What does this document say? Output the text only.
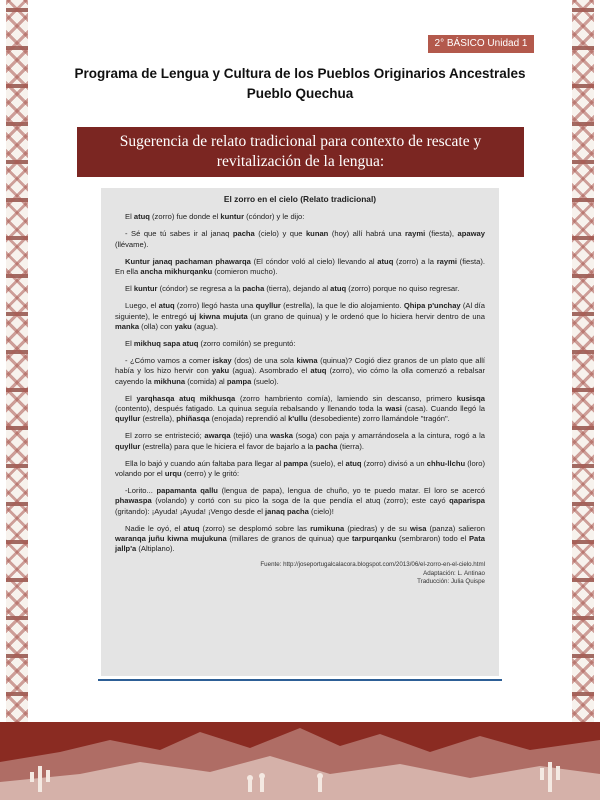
2° BÁSICO Unidad 1
Programa de Lengua y Cultura de los Pueblos Originarios Ancestrales
Pueblo Quechua
Sugerencia de relato tradicional para contexto de rescate y
revitalización de la lengua:
El zorro en el cielo (Relato tradicional)

El atuq (zorro) fue donde el kuntur (cóndor) y le dijo:

- Sé que tú sabes ir al janaq pacha (cielo) y que kunan (hoy) allí habrá una raymi (fiesta), apaway (llévame).

Kuntur janaq pachaman phawarqa (El cóndor voló al cielo) llevando al atuq (zorro) a la raymi (fiesta). En ella ancha mikhurqanku (comieron mucho).

El kuntur (cóndor) se regresa a la pacha (tierra), dejando al atuq (zorro) porque no quiso regresar.

Luego, el atuq (zorro) llegó hasta una quyllur (estrella), la que le dio alojamiento. Qhipa p'unchay (Al día siguiente), le entregó uj kiwna mujuta (un grano de quinua) y le ordenó que lo hiciera hervir dentro de una manka (olla) con yaku (agua).

El mikhuq sapa atuq (zorro comilón) se preguntó:

- ¿Cómo vamos a comer iskay (dos) de una sola kiwna (quinua)? Cogió diez granos de un plato que allí había y los hizo hervir con yaku (agua). Asombrado el atuq (zorro), vio cómo la olla comenzó a rebalsar cayendo la mikhuna (comida) al pampa (suelo).

El yarqhasqa atuq mikhusqa (zorro hambriento comía), lamiendo sin descanso, primero kusisqa (contento), después fatigado. La quinua seguía rebalsando y llenando toda la wasi (casa). Cuando llegó la quyllur (estrella), phiñasqa (enojada) reprendió al k'ullu (desobediente) zorro llamándole "tragón".

El zorro se entristeció; awarqa (tejió) una waska (soga) con paja y amarrándosela a la cintura, rogó a la quyllur (estrella) para que le hiciera el favor de bajarlo a la pacha (tierra).

Ella lo bajó y cuando aún faltaba para llegar al pampa (suelo), el atuq (zorro) divisó a un chhu-llchu (loro) volando por el urqu (cerro) y le gritó:

-Lorito... papamanta qallu (lengua de papa), lengua de chuño, yo te puedo matar. El loro se acercó phawaspa (volando) y cortó con su pico la soga de la que pendía el atuq (zorro); este cayó qaparispa (gritando): ¡Ayuda! ¡Ayuda! ¡Vengo desde el janaq pacha (cielo)!

Nadie le oyó, el atuq (zorro) se desplomó sobre las rumikuna (piedras) y de su wisa (panza) salieron waranqa juñu kiwna mujukuna (millares de granos de quinua) que tarpurqanku (sembraron) todo el Pata jallp'a (Altiplano).

Fuente: http://joseportugalcalacora.blogspot.com/2013/06/el-zorro-en-el-cielo.html
Adaptación: L. Antinao
Traducción: Julia Quispe
